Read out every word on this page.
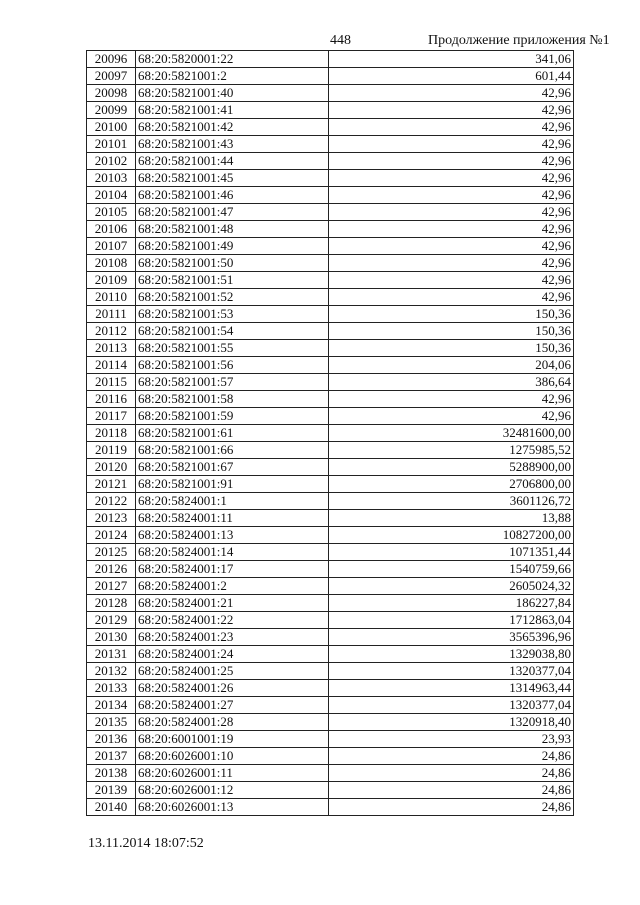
448	Продолжение приложения №1
20096	68:20:5820001:22	341,06
20097	68:20:5821001:2	601,44
20098	68:20:5821001:40	42,96
20099	68:20:5821001:41	42,96
20100	68:20:5821001:42	42,96
20101	68:20:5821001:43	42,96
20102	68:20:5821001:44	42,96
20103	68:20:5821001:45	42,96
20104	68:20:5821001:46	42,96
20105	68:20:5821001:47	42,96
20106	68:20:5821001:48	42,96
20107	68:20:5821001:49	42,96
20108	68:20:5821001:50	42,96
20109	68:20:5821001:51	42,96
20110	68:20:5821001:52	42,96
20111	68:20:5821001:53	150,36
20112	68:20:5821001:54	150,36
20113	68:20:5821001:55	150,36
20114	68:20:5821001:56	204,06
20115	68:20:5821001:57	386,64
20116	68:20:5821001:58	42,96
20117	68:20:5821001:59	42,96
20118	68:20:5821001:61	32481600,00
20119	68:20:5821001:66	1275985,52
20120	68:20:5821001:67	5288900,00
20121	68:20:5821001:91	2706800,00
20122	68:20:5824001:1	3601126,72
20123	68:20:5824001:11	13,88
20124	68:20:5824001:13	10827200,00
20125	68:20:5824001:14	1071351,44
20126	68:20:5824001:17	1540759,66
20127	68:20:5824001:2	2605024,32
20128	68:20:5824001:21	186227,84
20129	68:20:5824001:22	1712863,04
20130	68:20:5824001:23	3565396,96
20131	68:20:5824001:24	1329038,80
20132	68:20:5824001:25	1320377,04
20133	68:20:5824001:26	1314963,44
20134	68:20:5824001:27	1320377,04
20135	68:20:5824001:28	1320918,40
20136	68:20:6001001:19	23,93
20137	68:20:6026001:10	24,86
20138	68:20:6026001:11	24,86
20139	68:20:6026001:12	24,86
20140	68:20:6026001:13	24,86
13.11.2014 18:07:52
